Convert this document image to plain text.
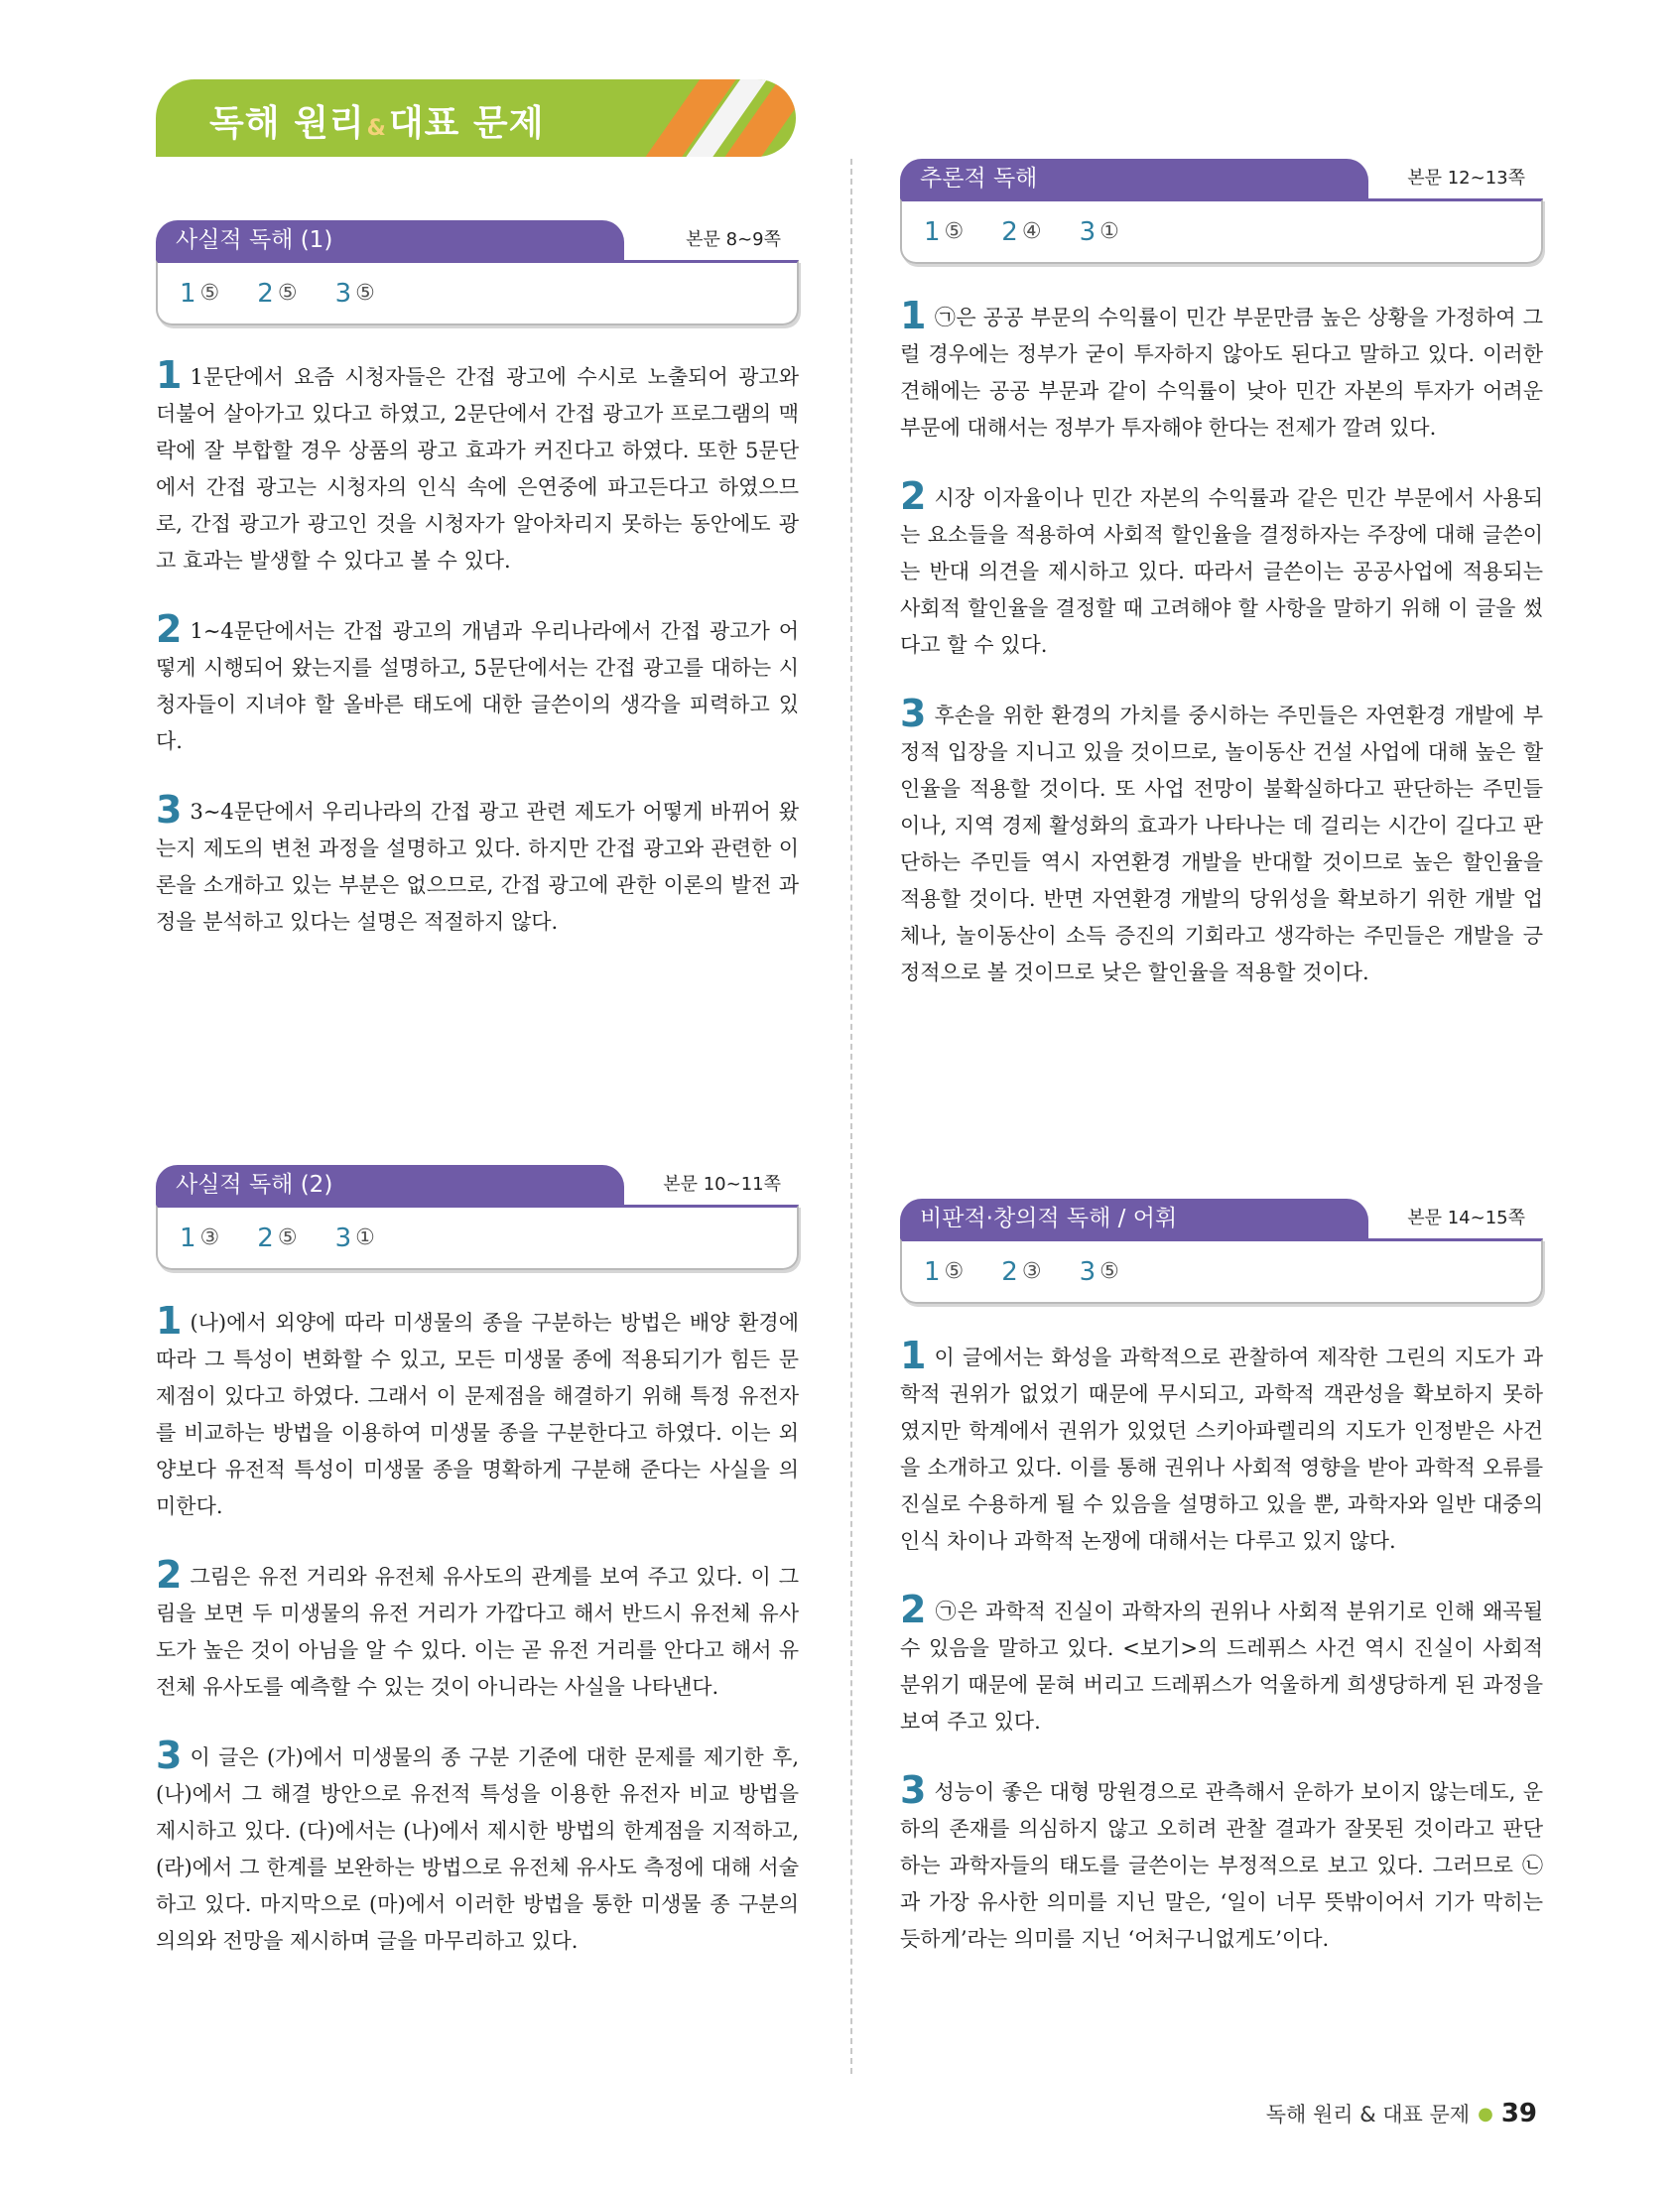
독해 원리&대표 문제
사실적 독해 (1)	본문 8∼9쪽
1 ⑤ 2 ⑤ 3 ⑤

1 1문단에서 요즘 시청자들은 간접 광고에 수시로 노출되어 광고와 더불어 살아가고 있다고 하였고, 2문단에서 간접 광고가 프로그램의 맥락에 잘 부합할 경우 상품의 광고 효과가 커진다고 하였다. 또한 5문단에서 간접 광고는 시청자의 인식 속에 은연중에 파고든다고 하였으므로, 간접 광고가 광고인 것을 시청자가 알아차리지 못하는 동안에도 광고 효과는 발생할 수 있다고 볼 수 있다.

2 1∼4문단에서는 간접 광고의 개념과 우리나라에서 간접 광고가 어떻게 시행되어 왔는지를 설명하고, 5문단에서는 간접 광고를 대하는 시청자들이 지녀야 할 올바른 태도에 대한 글쓴이의 생각을 피력하고 있다.

3 3∼4문단에서 우리나라의 간접 광고 관련 제도가 어떻게 바뀌어 왔는지 제도의 변천 과정을 설명하고 있다. 하지만 간접 광고와 관련한 이론을 소개하고 있는 부분은 없으므로, 간접 광고에 관한 이론의 발전 과정을 분석하고 있다는 설명은 적절하지 않다.

사실적 독해 (2)	본문 10∼11쪽
1 ③ 2 ⑤ 3 ①

1 (나)에서 외양에 따라 미생물의 종을 구분하는 방법은 배양 환경에 따라 그 특성이 변화할 수 있고, 모든 미생물 종에 적용되기가 힘든 문제점이 있다고 하였다. 그래서 이 문제점을 해결하기 위해 특정 유전자를 비교하는 방법을 이용하여 미생물 종을 구분한다고 하였다. 이는 외양보다 유전적 특성이 미생물 종을 명확하게 구분해 준다는 사실을 의미한다.

2 그림은 유전 거리와 유전체 유사도의 관계를 보여 주고 있다. 이 그림을 보면 두 미생물의 유전 거리가 가깝다고 해서 반드시 유전체 유사도가 높은 것이 아님을 알 수 있다. 이는 곧 유전 거리를 안다고 해서 유전체 유사도를 예측할 수 있는 것이 아니라는 사실을 나타낸다.

3 이 글은 (가)에서 미생물의 종 구분 기준에 대한 문제를 제기한 후, (나)에서 그 해결 방안으로 유전적 특성을 이용한 유전자 비교 방법을 제시하고 있다. (다)에서는 (나)에서 제시한 방법의 한계점을 지적하고, (라)에서 그 한계를 보완하는 방법으로 유전체 유사도 측정에 대해 서술하고 있다. 마지막으로 (마)에서 이러한 방법을 통한 미생물 종 구분의 의의와 전망을 제시하며 글을 마무리하고 있다.

추론적 독해	본문 12∼13쪽
1 ⑤ 2 ④ 3 ①

1 ㉠은 공공 부문의 수익률이 민간 부문만큼 높은 상황을 가정하여 그럴 경우에는 정부가 굳이 투자하지 않아도 된다고 말하고 있다. 이러한 견해에는 공공 부문과 같이 수익률이 낮아 민간 자본의 투자가 어려운 부문에 대해서는 정부가 투자해야 한다는 전제가 깔려 있다.

2 시장 이자율이나 민간 자본의 수익률과 같은 민간 부문에서 사용되는 요소들을 적용하여 사회적 할인율을 결정하자는 주장에 대해 글쓴이는 반대 의견을 제시하고 있다. 따라서 글쓴이는 공공사업에 적용되는 사회적 할인율을 결정할 때 고려해야 할 사항을 말하기 위해 이 글을 썼다고 할 수 있다.

3 후손을 위한 환경의 가치를 중시하는 주민들은 자연환경 개발에 부정적 입장을 지니고 있을 것이므로, 놀이동산 건설 사업에 대해 높은 할인율을 적용할 것이다. 또 사업 전망이 불확실하다고 판단하는 주민들이나, 지역 경제 활성화의 효과가 나타나는 데 걸리는 시간이 길다고 판단하는 주민들 역시 자연환경 개발을 반대할 것이므로 높은 할인율을 적용할 것이다. 반면 자연환경 개발의 당위성을 확보하기 위한 개발 업체나, 놀이동산이 소득 증진의 기회라고 생각하는 주민들은 개발을 긍정적으로 볼 것이므로 낮은 할인율을 적용할 것이다.

비판적·창의적 독해 / 어휘	본문 14∼15쪽
1 ⑤ 2 ③ 3 ⑤

1 이 글에서는 화성을 과학적으로 관찰하여 제작한 그린의 지도가 과학적 권위가 없었기 때문에 무시되고, 과학적 객관성을 확보하지 못하였지만 학계에서 권위가 있었던 스키아파렐리의 지도가 인정받은 사건을 소개하고 있다. 이를 통해 권위나 사회적 영향을 받아 과학적 오류를 진실로 수용하게 될 수 있음을 설명하고 있을 뿐, 과학자와 일반 대중의 인식 차이나 과학적 논쟁에 대해서는 다루고 있지 않다.

2 ㉠은 과학적 진실이 과학자의 권위나 사회적 분위기로 인해 왜곡될 수 있음을 말하고 있다. <보기>의 드레퓌스 사건 역시 진실이 사회적 분위기 때문에 묻혀 버리고 드레퓌스가 억울하게 희생당하게 된 과정을 보여 주고 있다.

3 성능이 좋은 대형 망원경으로 관측해서 운하가 보이지 않는데도, 운하의 존재를 의심하지 않고 오히려 관찰 결과가 잘못된 것이라고 판단하는 과학자들의 태도를 글쓴이는 부정적으로 보고 있다. 그러므로 ㉡과 가장 유사한 의미를 지닌 말은, ‘일이 너무 뜻밖이어서 기가 막히는 듯하게’라는 의미를 지닌 ‘어처구니없게도’이다.

독해 원리 & 대표 문제 ● 39
